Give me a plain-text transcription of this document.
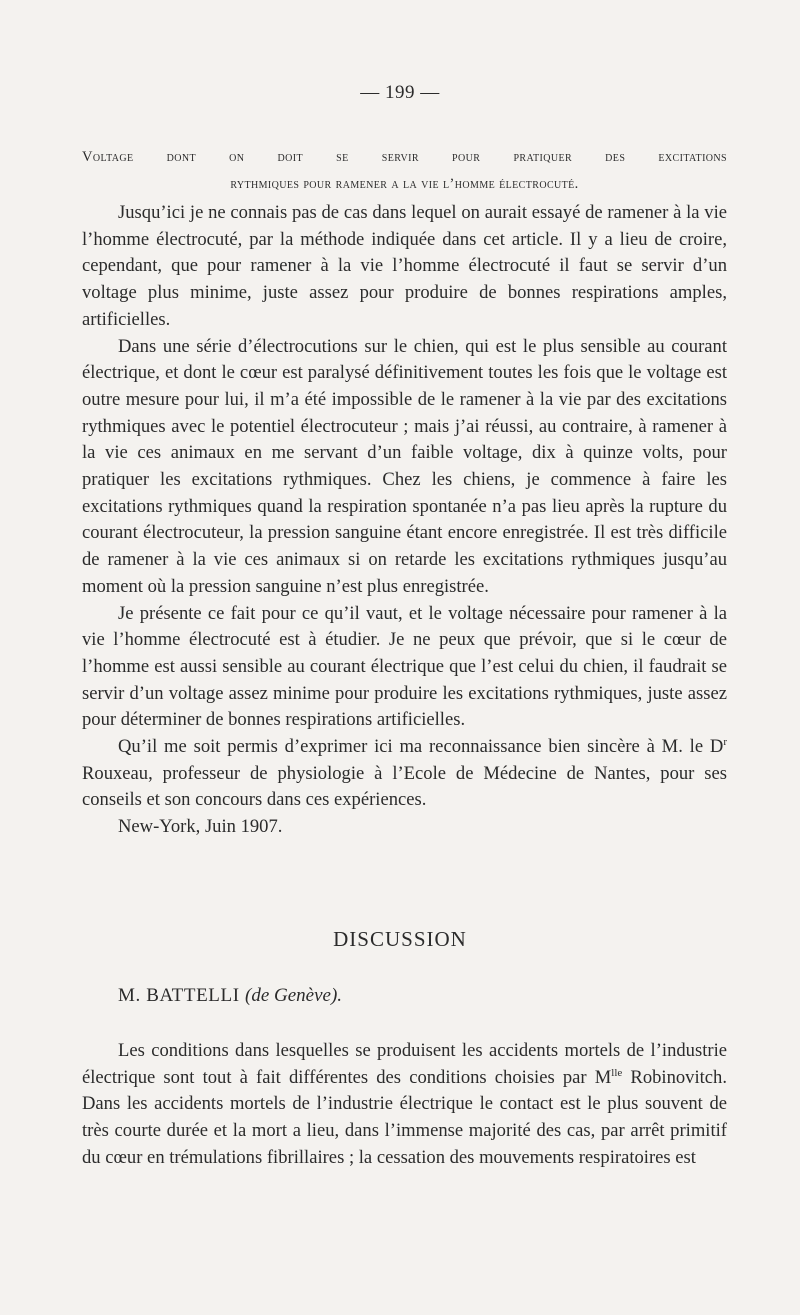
— 199 —
Voltage dont on doit se servir pour pratiquer des excitations
rythmiques pour ramener a la vie l’homme électrocuté.

Jusqu’ici je ne connais pas de cas dans lequel on aurait essayé de ramener à la vie l’homme électrocuté, par la méthode indiquée dans cet article. Il y a lieu de croire, cependant, que pour ramener à la vie l’homme électrocuté il faut se servir d’un voltage plus minime, juste assez pour produire de bonnes respirations amples, artificielles.

Dans une série d’électrocutions sur le chien, qui est le plus sensible au courant électrique, et dont le cœur est paralysé définitivement toutes les fois que le voltage est outre mesure pour lui, il m’a été impossible de le ramener à la vie par des excitations rythmiques avec le potentiel électrocuteur ; mais j’ai réussi, au contraire, à ramener à la vie ces animaux en me servant d’un faible voltage, dix à quinze volts, pour pratiquer les excitations rythmiques. Chez les chiens, je commence à faire les excitations rythmiques quand la respiration spontanée n’a pas lieu après la rupture du courant électrocuteur, la pression sanguine étant encore enregistrée. Il est très difficile de ramener à la vie ces animaux si on retarde les excitations rythmiques jusqu’au moment où la pression sanguine n’est plus enregistrée.

Je présente ce fait pour ce qu’il vaut, et le voltage nécessaire pour ramener à la vie l’homme électrocuté est à étudier. Je ne peux que prévoir, que si le cœur de l’homme est aussi sensible au courant électrique que l’est celui du chien, il faudrait se servir d’un voltage assez minime pour produire les excitations rythmiques, juste assez pour déterminer de bonnes respirations artificielles.

Qu’il me soit permis d’exprimer ici ma reconnaissance bien sincère à M. le $D^r$ Rouxeau, professeur de physiologie à l’Ecole de Médecine de Nantes, pour ses conseils et son concours dans ces expériences.

New-York, Juin 1907.

DISCUSSION
M. BATTELLI (de Genève).

Les conditions dans lesquelles se produisent les accidents mortels de l’industrie électrique sont tout à fait différentes des conditions choisies par $M^{lle}$ Robinovitch. Dans les accidents mortels de l’industrie électrique le contact est le plus souvent de très courte durée et la mort a lieu, dans l’immense majorité des cas, par arrêt primitif du cœur en trémulations fibrillaires ; la cessation des mouvements respiratoires est
